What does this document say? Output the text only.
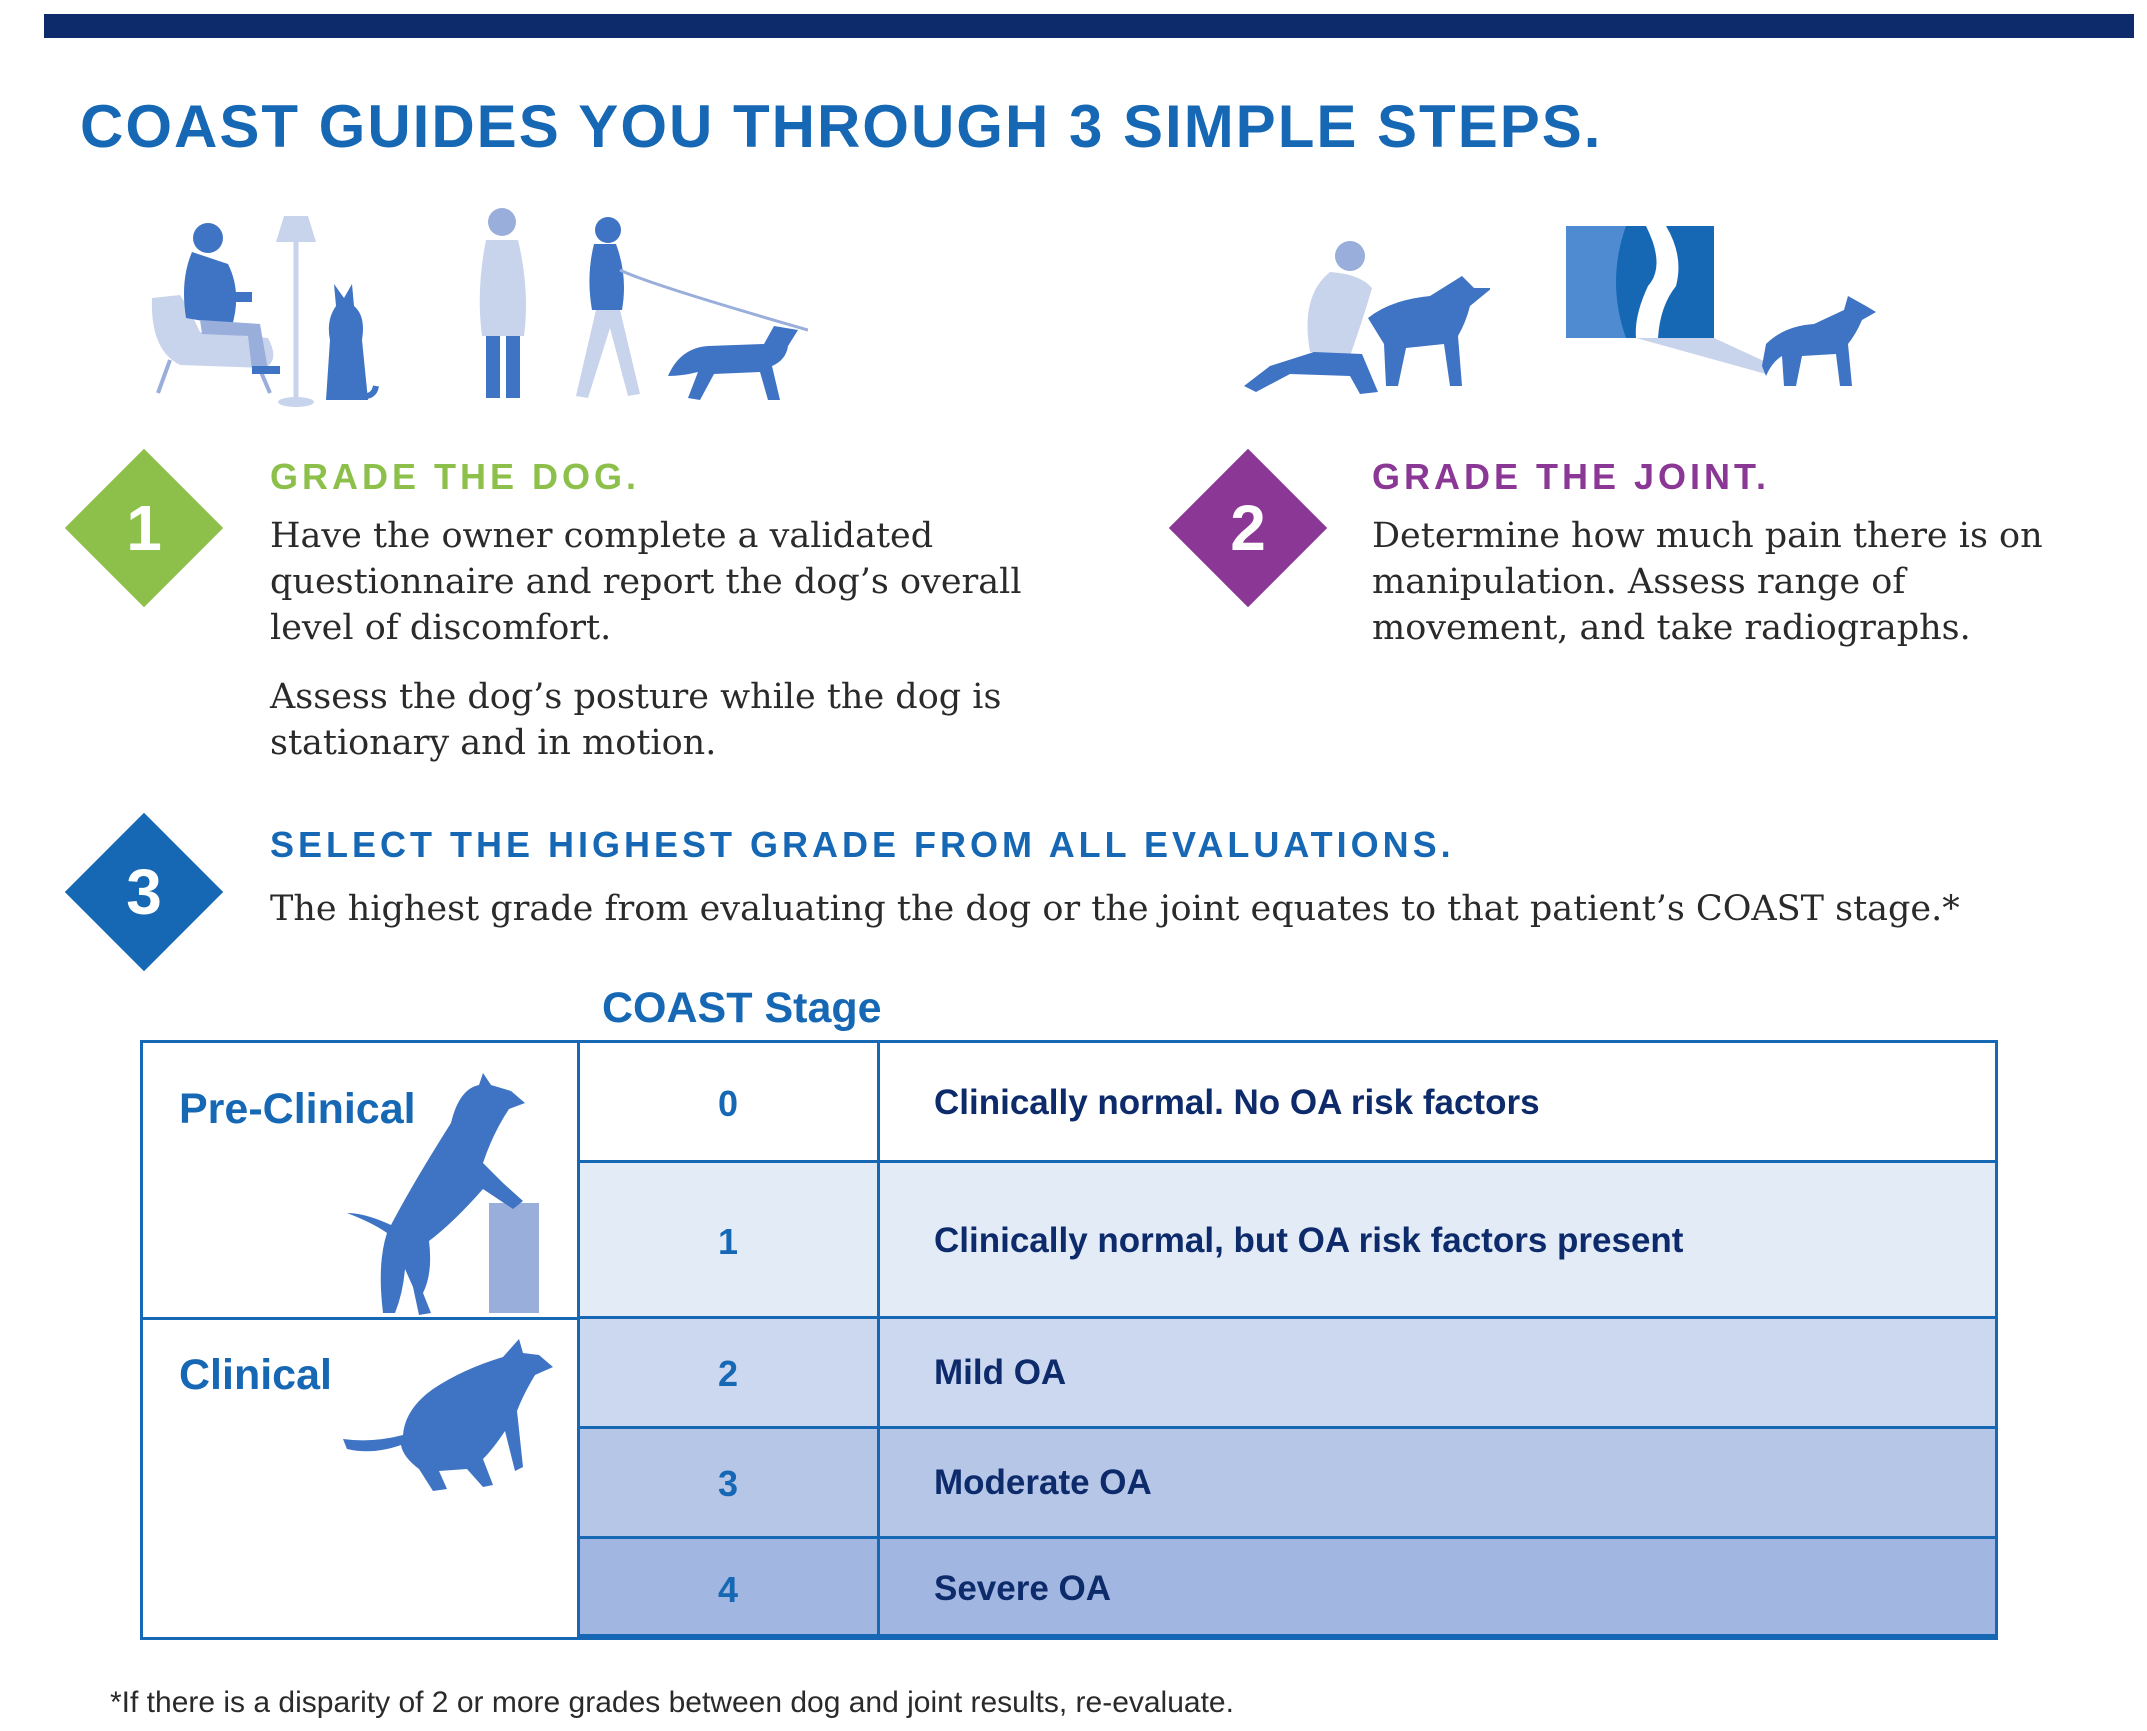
COAST GUIDES YOU THROUGH 3 SIMPLE STEPS.
1
GRADE THE DOG.

Have the owner complete a validated questionnaire and report the dog’s overall level of discomfort.

Assess the dog’s posture while the dog is stationary and in motion.

2
GRADE THE JOINT.

Determine how much pain there is on manipulation. Assess range of movement, and take radiographs.

3
SELECT THE HIGHEST GRADE FROM ALL EVALUATIONS.

The highest grade from evaluating the dog or the joint equates to that patient’s COAST stage.*

COAST Stage
0	Clinically normal. No OA risk factors
1	Clinically normal, but OA risk factors present
2	Mild OA
3	Moderate OA
4	Severe OA
Pre-Clinical
Clinical

*If there is a disparity of 2 or more grades between dog and joint results, re-evaluate.
